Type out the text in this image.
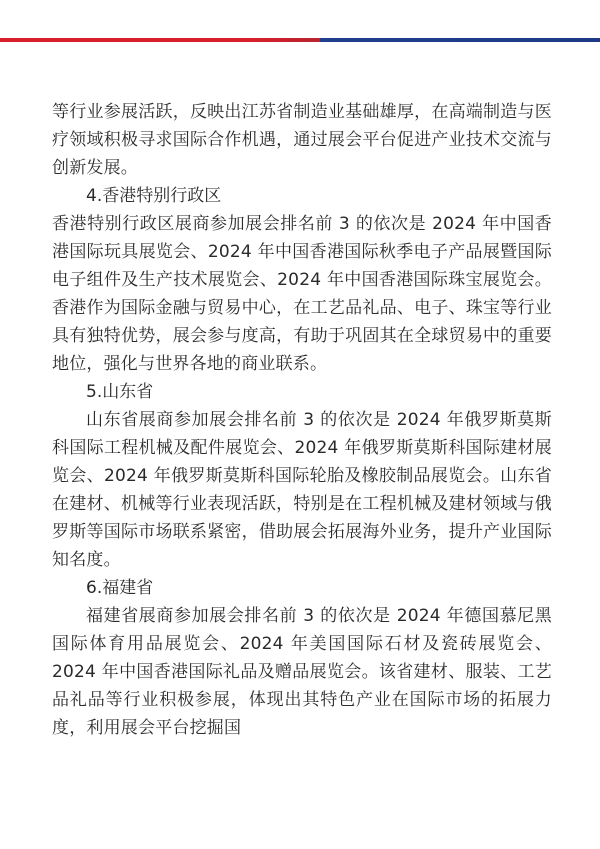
等行业参展活跃，反映出江苏省制造业基础雄厚，在高端制造与医疗领域积极寻求国际合作机遇，通过展会平台促进产业技术交流与创新发展。

4.香港特别行政区

香港特别行政区展商参加展会排名前 3 的依次是 2024 年中国香港国际玩具展览会、2024 年中国香港国际秋季电子产品展暨国际电子组件及生产技术展览会、2024 年中国香港国际珠宝展览会。香港作为国际金融与贸易中心，在工艺品礼品、电子、珠宝等行业具有独特优势，展会参与度高，有助于巩固其在全球贸易中的重要地位，强化与世界各地的商业联系。

5.山东省

山东省展商参加展会排名前 3 的依次是 2024 年俄罗斯莫斯科国际工程机械及配件展览会、2024 年俄罗斯莫斯科国际建材展览会、2024 年俄罗斯莫斯科国际轮胎及橡胶制品展览会。山东省在建材、机械等行业表现活跃，特别是在工程机械及建材领域与俄罗斯等国际市场联系紧密，借助展会拓展海外业务，提升产业国际知名度。

6.福建省

福建省展商参加展会排名前 3 的依次是 2024 年德国慕尼黑国际体育用品展览会、2024 年美国国际石材及瓷砖展览会、2024 年中国香港国际礼品及赠品展览会。该省建材、服装、工艺品礼品等行业积极参展，体现出其特色产业在国际市场的拓展力度，利用展会平台挖掘国
